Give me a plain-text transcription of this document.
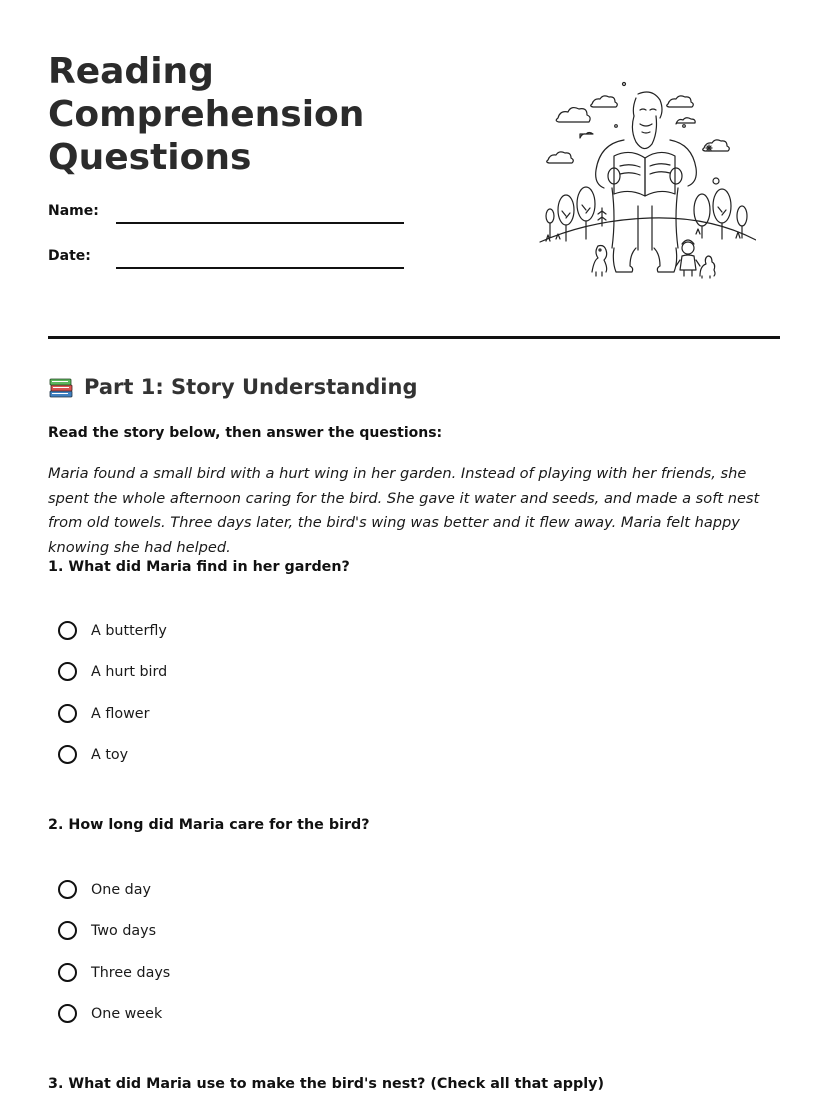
Reading
Comprehension
Questions
Name:
Date:
Part 1: Story Understanding
Read the story below, then answer the questions:

Maria found a small bird with a hurt wing in her garden. Instead of playing with her friends, she spent the whole afternoon caring for the bird. She gave it water and seeds, and made a soft nest from old towels. Three days later, the bird's wing was better and it flew away. Maria felt happy knowing she had helped.

1. What did Maria find in her garden?
A butterfly
A hurt bird
A flower
A toy
2. How long did Maria care for the bird?
One day
Two days
Three days
One week
3. What did Maria use to make the bird's nest? (Check all that apply)
